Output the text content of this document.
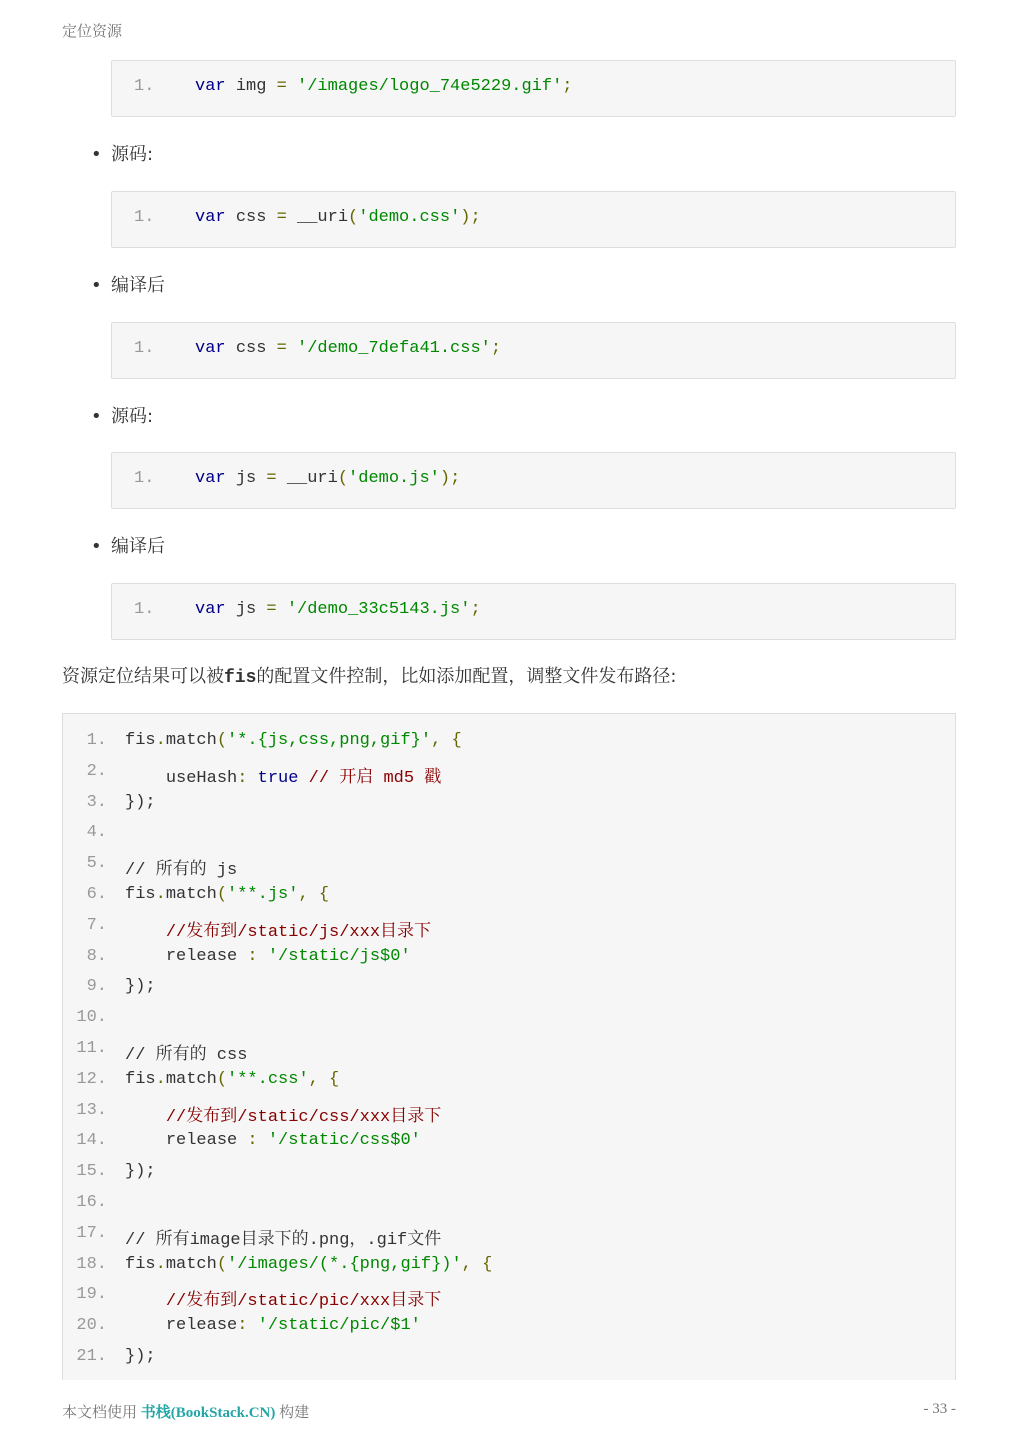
定位资源
1. var img = '/images/logo_74e5229.gif';
• 源码:
1. var css = __uri('demo.css');
• 编译后
1. var css = '/demo_7defa41.css';
• 源码:
1. var js = __uri('demo.js');
• 编译后
1. var js = '/demo_33c5143.js';
资源定位结果可以被fis的配置文件控制，比如添加配置，调整文件发布路径:
1. fis.match('*.{js,css,png,gif}', {
2.	useHash: true // 开启 md5 戳
3. });
4.
5. // 所有的 js
6. fis.match('**.js', {
7.	//发布到/static/js/xxx目录下
8.	release : '/static/js$0'
9. });
10.
11. // 所有的 css
12. fis.match('**.css', {
13.	//发布到/static/css/xxx目录下
14.	release : '/static/css$0'
15. });
16.
17. // 所有image目录下的.png，.gif文件
18. fis.match('/images/(*.{png,gif})', {
19.	//发布到/static/pic/xxx目录下
20.	release: '/static/pic/$1'
21. });
本文档使用 书栈(BookStack.CN) 构建	- 33 -
